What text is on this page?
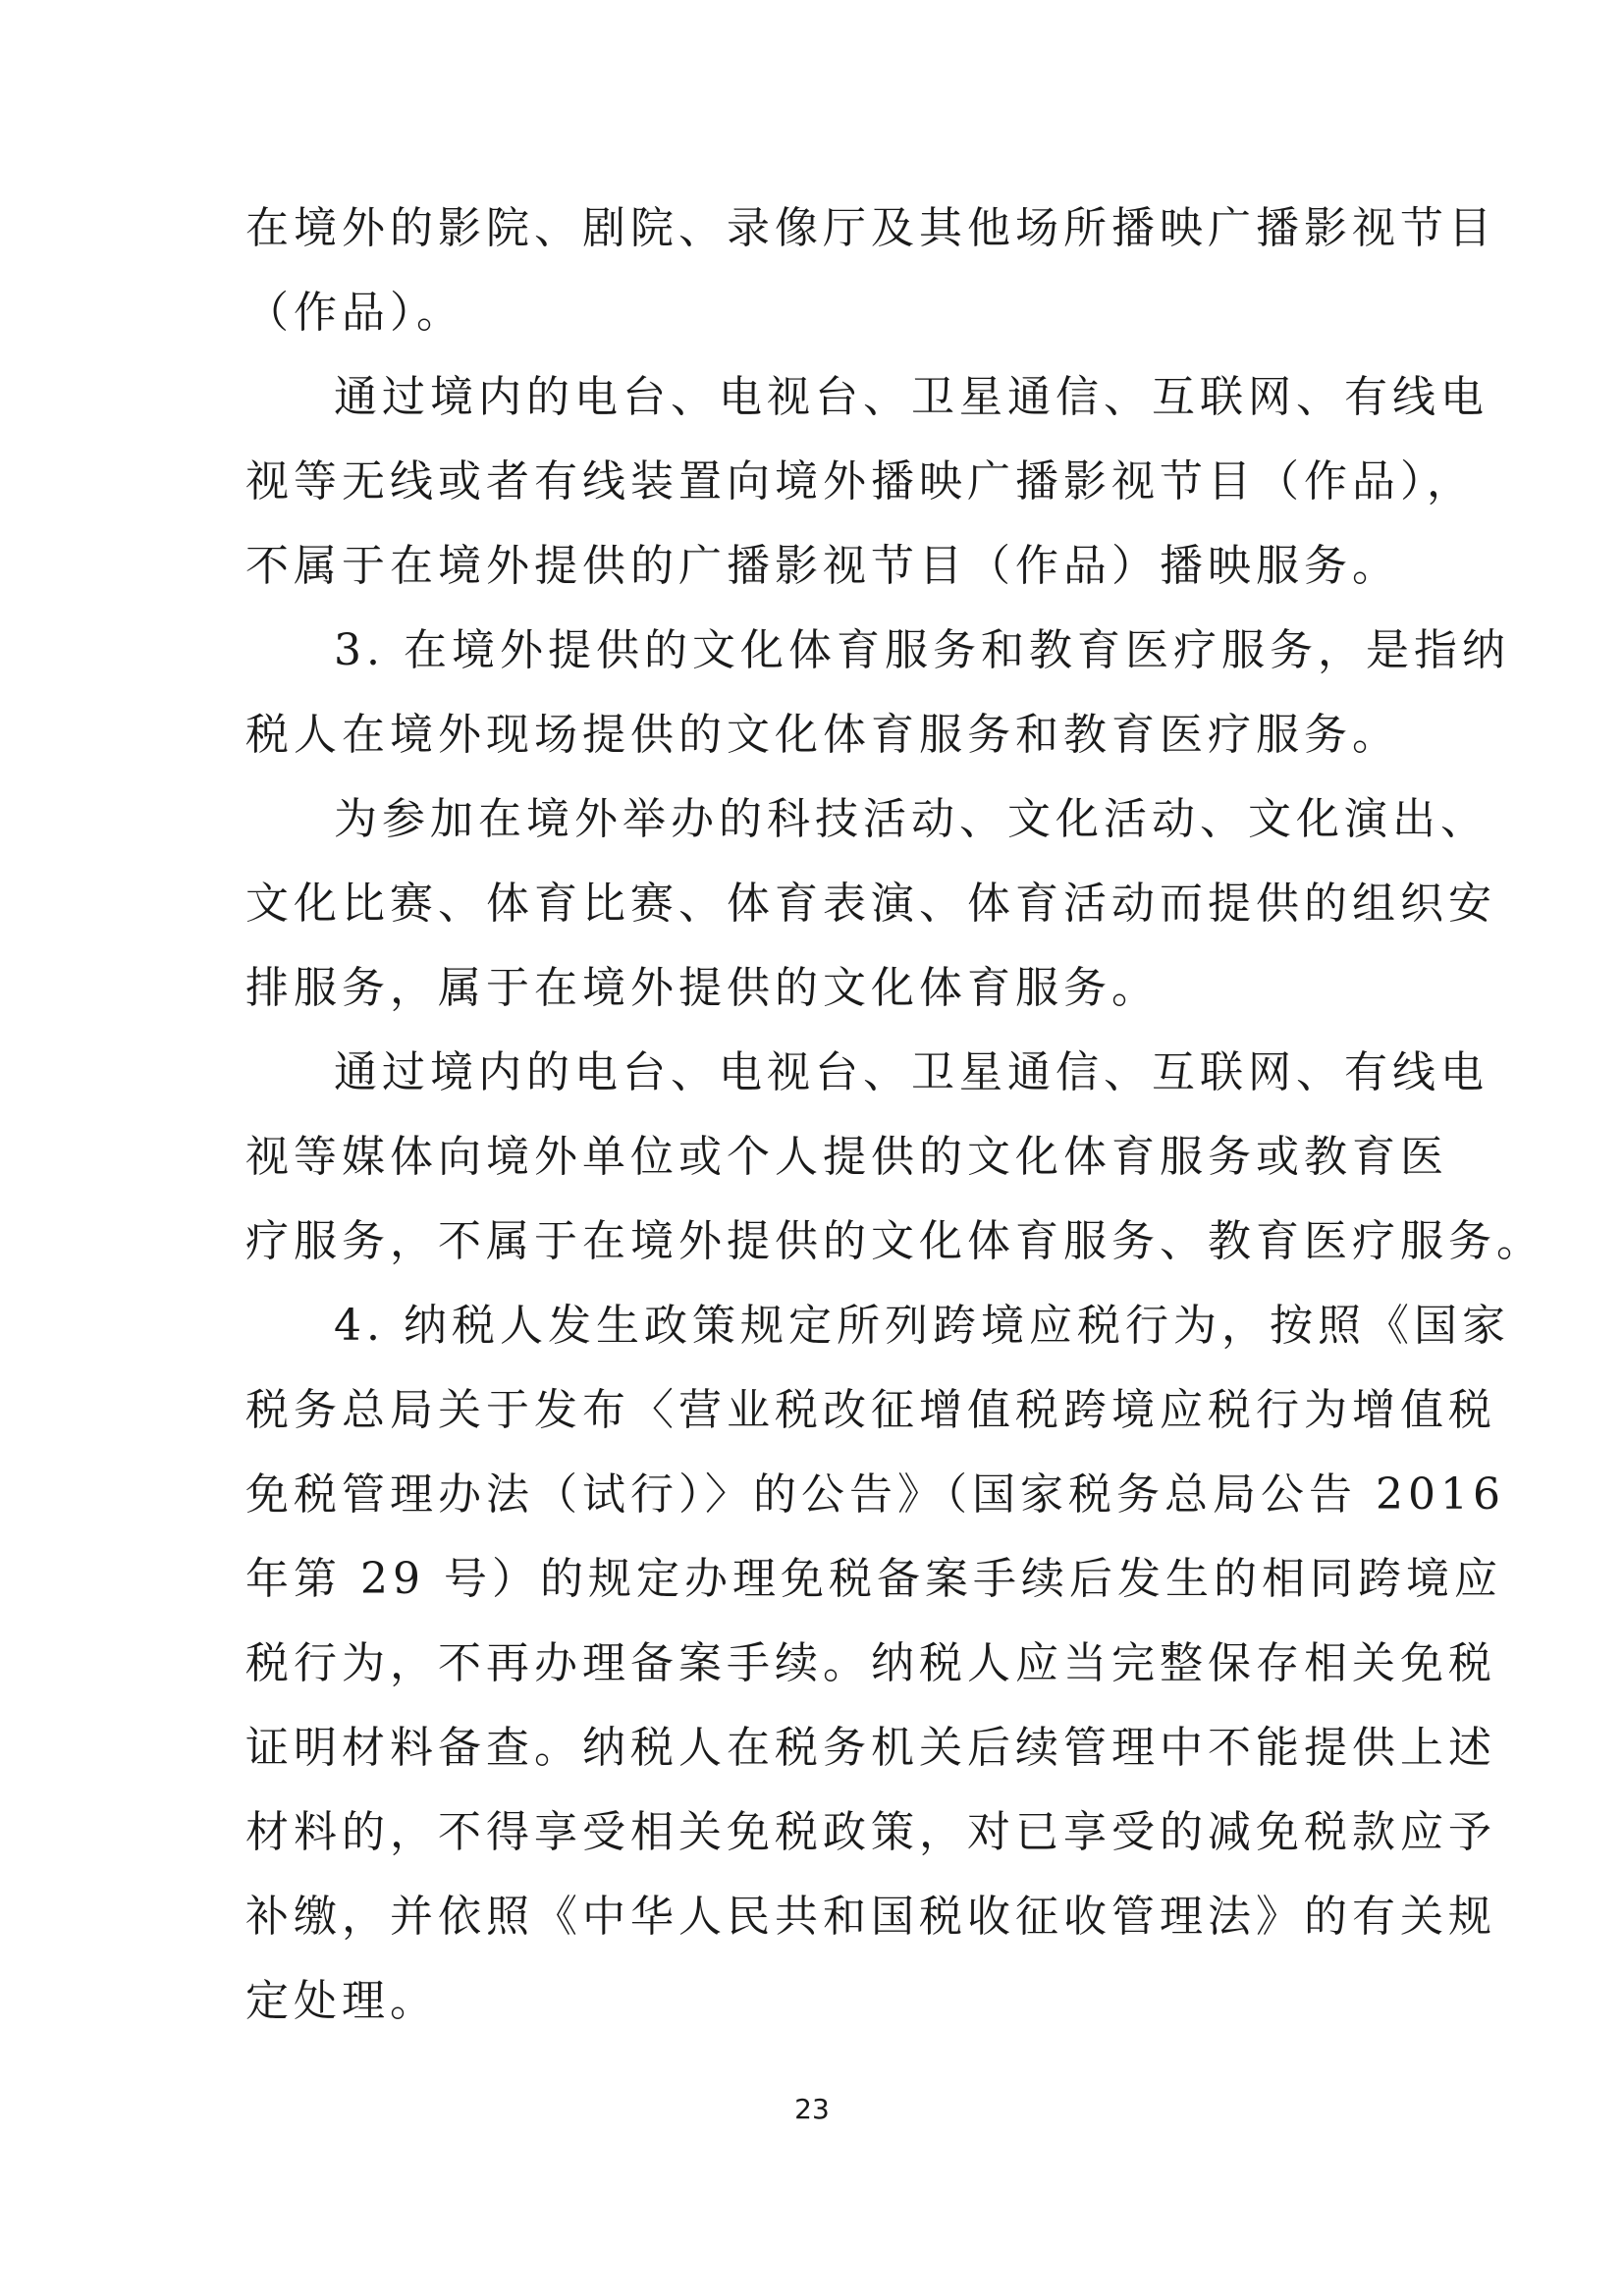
在境外的影院、剧院、录像厅及其他场所播映广播影视节目
（作品）。
通过境内的电台、电视台、卫星通信、互联网、有线电
视等无线或者有线装置向境外播映广播影视节目（作品），
不属于在境外提供的广播影视节目（作品）播映服务。
3. 在境外提供的文化体育服务和教育医疗服务，是指纳
税人在境外现场提供的文化体育服务和教育医疗服务。
为参加在境外举办的科技活动、文化活动、文化演出、
文化比赛、体育比赛、体育表演、体育活动而提供的组织安
排服务，属于在境外提供的文化体育服务。
通过境内的电台、电视台、卫星通信、互联网、有线电
视等媒体向境外单位或个人提供的文化体育服务或教育医
疗服务，不属于在境外提供的文化体育服务、教育医疗服务。
4. 纳税人发生政策规定所列跨境应税行为，按照《国家
税务总局关于发布〈营业税改征增值税跨境应税行为增值税
免税管理办法（试行）〉的公告》（国家税务总局公告 2016
年第 29 号）的规定办理免税备案手续后发生的相同跨境应
税行为，不再办理备案手续。纳税人应当完整保存相关免税
证明材料备查。纳税人在税务机关后续管理中不能提供上述
材料的，不得享受相关免税政策，对已享受的减免税款应予
补缴，并依照《中华人民共和国税收征收管理法》的有关规
定处理。
23
